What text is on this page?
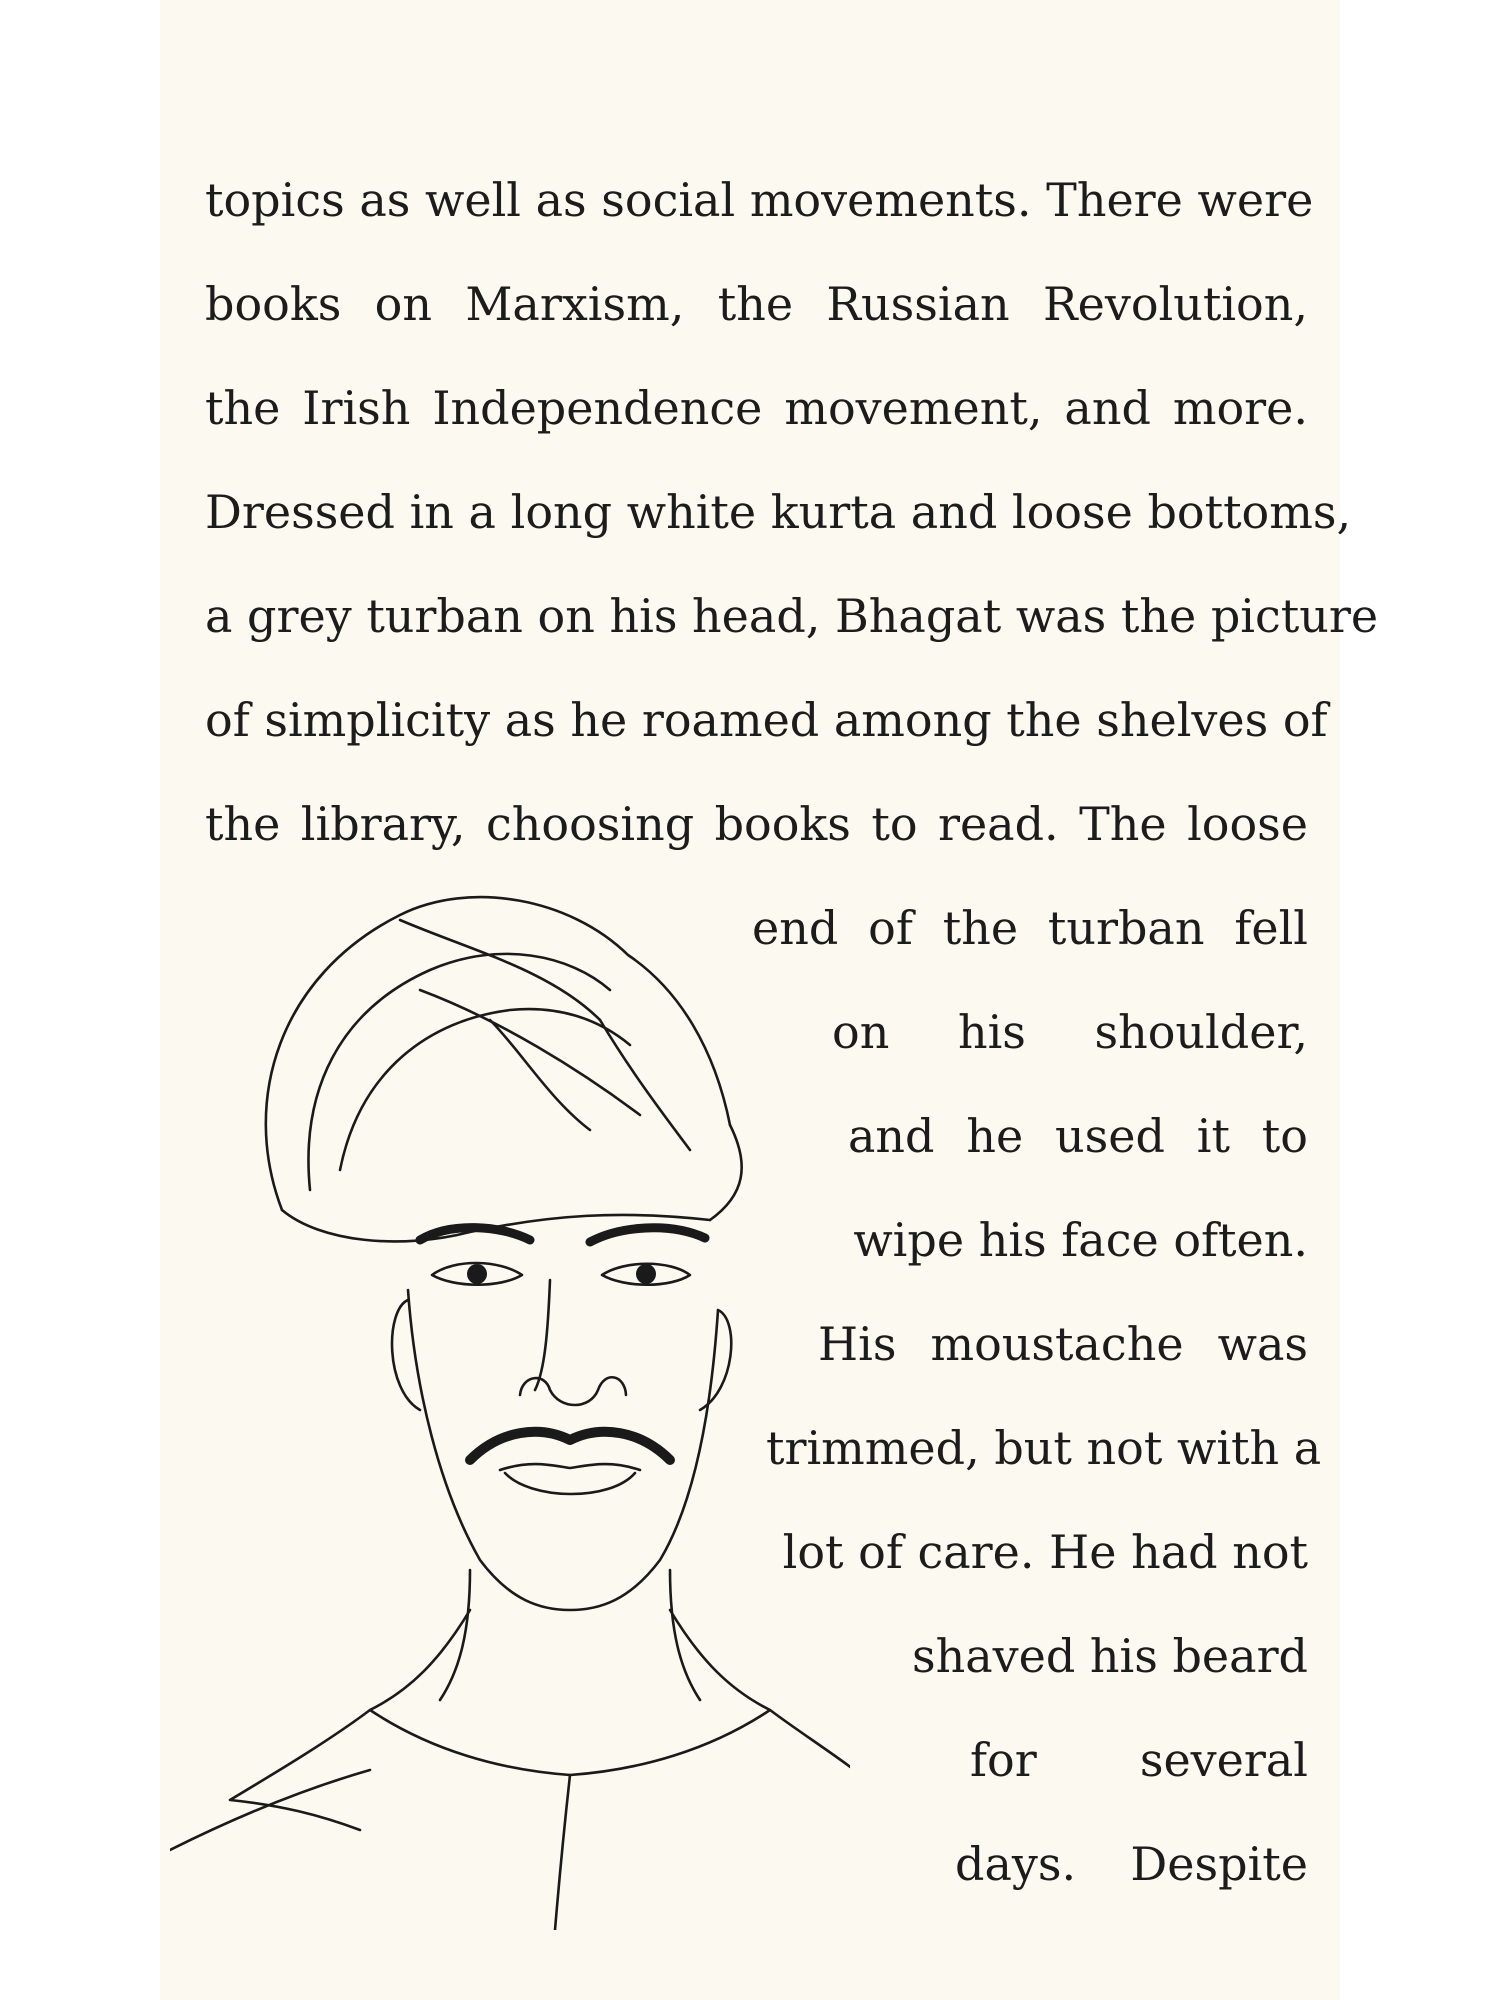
topics as well as social movements. There were
books on Marxism, the Russian Revolution,
the Irish Independence movement, and more.
Dressed in a long white kurta and loose bottoms,
a grey turban on his head, Bhagat was the picture
of simplicity as he roamed among the shelves of
the library, choosing books to read. The loose
end of the turban fell
on his shoulder,
and he used it to
wipe his face often.
His moustache was
trimmed, but not with a
lot of care. He had not
shaved his beard
for several
days. Despite
